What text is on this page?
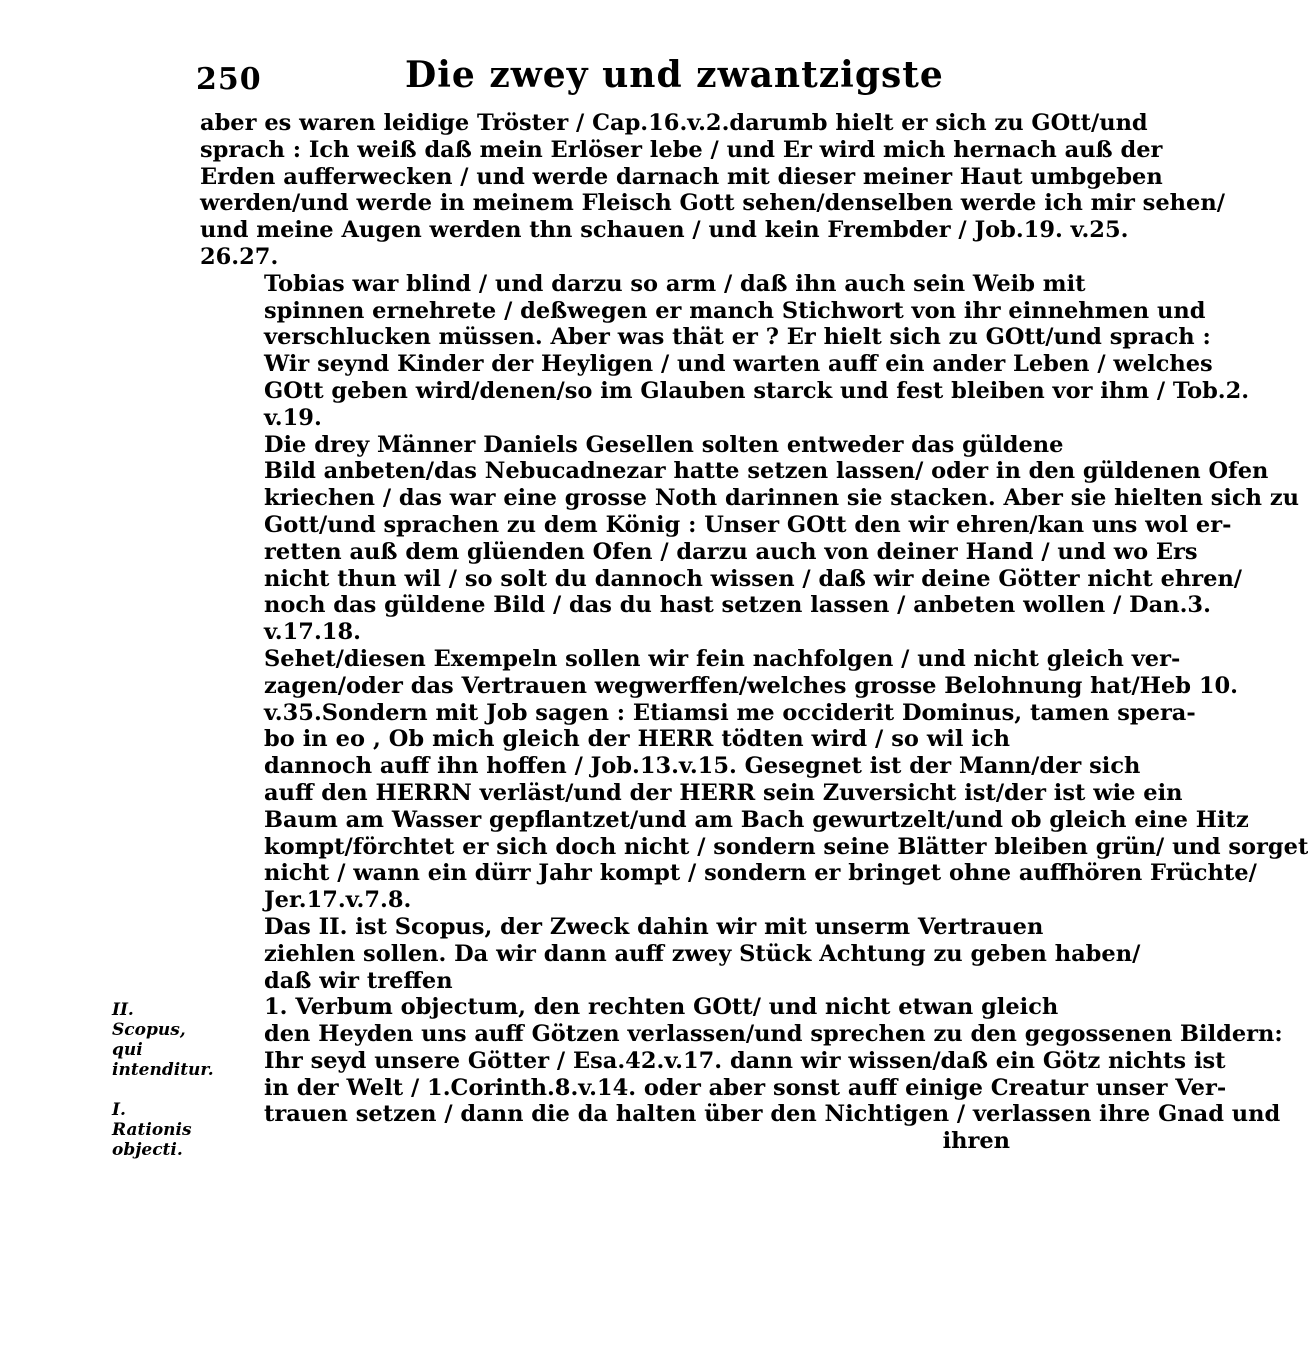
250	Die zwey und zwantzigste
II. Scopus, qui intenditur.
I. Rationis objecti.

aber es waren leidige Tröster / Cap.16.v.2.darumb hielt er sich zu GOtt/und
sprach : Ich weiß daß mein Erlöser lebe / und Er wird mich hernach auß der
Erden aufferwecken / und werde darnach mit dieser meiner Haut umbgeben
werden/und werde in meinem Fleisch Gott sehen/denselben werde ich mir sehen/
und meine Augen werden thn schauen / und kein Frembder / Job.19. v.25.
26.27.

Tobias war blind / und darzu so arm / daß ihn auch sein Weib mit
spinnen ernehrete / deßwegen er manch Stichwort von ihr einnehmen und
verschlucken müssen. Aber was thät er ? Er hielt sich zu GOtt/und sprach :
Wir seynd Kinder der Heyligen / und warten auff ein ander Leben / welches
GOtt geben wird/denen/so im Glauben starck und fest bleiben vor ihm / Tob.2.
v.19.

Die drey Männer Daniels Gesellen solten entweder das güldene
Bild anbeten/das Nebucadnezar hatte setzen lassen/ oder in den güldenen Ofen
kriechen / das war eine grosse Noth darinnen sie stacken. Aber sie hielten sich zu
Gott/und sprachen zu dem König : Unser GOtt den wir ehren/kan uns wol er-
retten auß dem glüenden Ofen / darzu auch von deiner Hand / und wo Ers
nicht thun wil / so solt du dannoch wissen / daß wir deine Götter nicht ehren/
noch das güldene Bild / das du hast setzen lassen / anbeten wollen / Dan.3.
v.17.18.

Sehet/diesen Exempeln sollen wir fein nachfolgen / und nicht gleich ver-
zagen/oder das Vertrauen wegwerffen/welches grosse Belohnung hat/Heb 10.
v.35.Sondern mit Job sagen : Etiamsi me occiderit Dominus, tamen spera-
bo in eo , Ob mich gleich der HERR tödten wird / so wil ich
dannoch auff ihn hoffen / Job.13.v.15. Gesegnet ist der Mann/der sich
auff den HERRN verläst/und der HERR sein Zuversicht ist/der ist wie ein
Baum am Wasser gepflantzet/und am Bach gewurtzelt/und ob gleich eine Hitz
kompt/förchtet er sich doch nicht / sondern seine Blätter bleiben grün/ und sorget
nicht / wann ein dürr Jahr kompt / sondern er bringet ohne auffhören Früchte/
Jer.17.v.7.8.

Das II. ist Scopus, der Zweck dahin wir mit unserm Vertrauen
ziehlen sollen. Da wir dann auff zwey Stück Achtung zu geben haben/
daß wir treffen

1. Verbum objectum, den rechten GOtt/ und nicht etwan gleich
den Heyden uns auff Götzen verlassen/und sprechen zu den gegossenen Bildern:
Ihr seyd unsere Götter / Esa.42.v.17. dann wir wissen/daß ein Götz nichts ist
in der Welt / 1.Corinth.8.v.14. oder aber sonst auff einige Creatur unser Ver-
trauen setzen / dann die da halten über den Nichtigen / verlassen ihre Gnad und

ihren
